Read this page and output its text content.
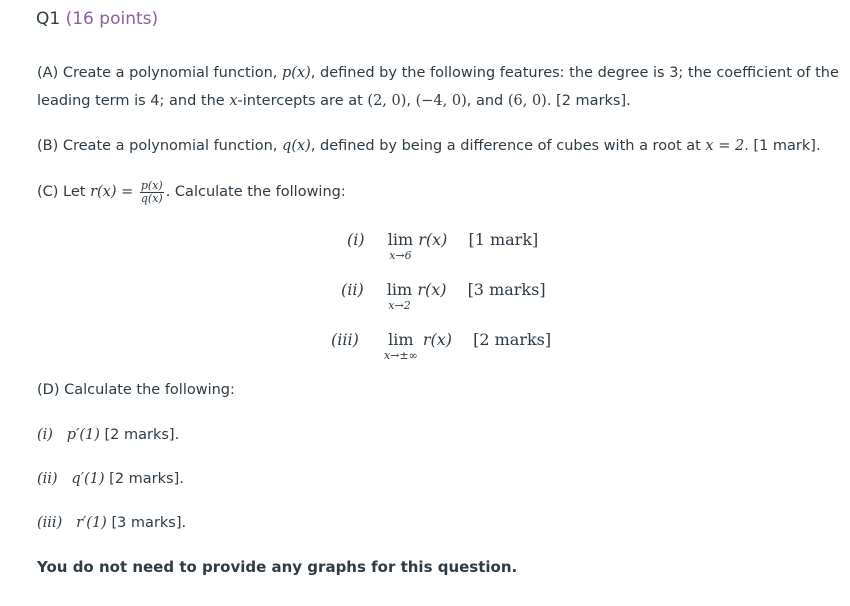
Q1 (16 points)
(A) Create a polynomial function, p(x), defined by the following features: the degree is 3; the coefficient of the
leading term is 4; and the x-intercepts are at (2, 0), (−4, 0), and (6, 0). [2 marks].
(B) Create a polynomial function, q(x), defined by being a difference of cubes with a root at x = 2. [1 mark].
(C) Let $r(x) = \frac{p(x)}{q(x)}$ . Calculate the following:
(i) lim
x→6
r(x) [1 mark]
(ii) lim
x→2
r(x) [3 marks]
(iii) lim
x→±∞
r(x) [2 marks]
(D) Calculate the following:
(i) p′(1) [2 marks].
(ii) q′(1) [2 marks].
(iii) r′(1) [3 marks].
You do not need to provide any graphs for this question.
